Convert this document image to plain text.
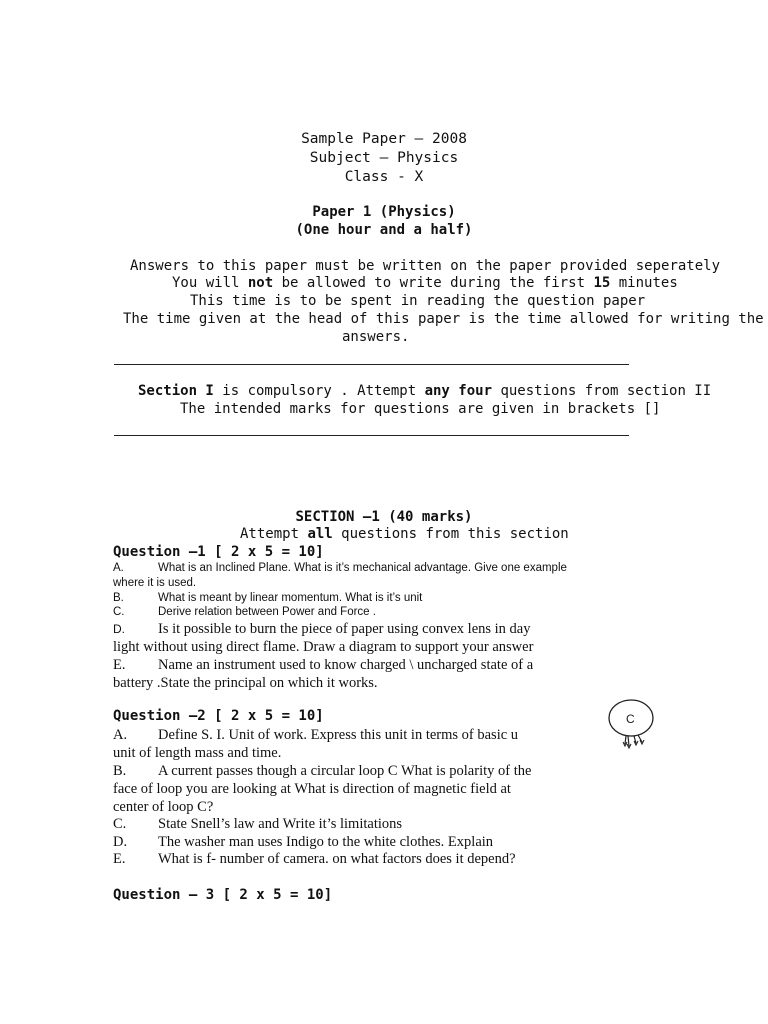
Sample Paper – 2008
Subject – Physics
Class - X
Paper 1 (Physics)
(One hour and a half)
Answers to this paper must be written on the paper provided seperately
You will not be allowed to write during the first 15 minutes
This time is to be spent in reading the question paper
The time given at the head of this paper is the time allowed for writing the
answers.
Section I is compulsory . Attempt any four questions from section II
The intended marks for questions are given in brackets []
SECTION –1 (40 marks)
Attempt all questions from this section
Question –1 [ 2 x 5 = 10]
A.	What is an Inclined Plane. What is it’s mechanical advantage. Give one example
where it is used.
B.	What is meant by linear momentum. What is it’s unit
C.	Derive relation between Power and Force .
D. Is it possible to burn the piece of paper using convex lens in day
light without using direct flame. Draw a diagram to support your answer
E. Name an instrument used to know charged \ uncharged state of a
battery .State the principal on which it works.
Question –2 [ 2 x 5 = 10]
A. Define S. I. Unit of work. Express this unit in terms of basic u
unit of length mass and time.
B. A current passes though a circular loop C What is polarity of the
face of loop you are looking at What is direction of magnetic field at
center of loop C?
C. State Snell’s law and Write it’s limitations
D. The washer man uses Indigo to the white clothes. Explain
E. What is f- number of camera. on what factors does it depend?
C
Question – 3 [ 2 x 5 = 10]
